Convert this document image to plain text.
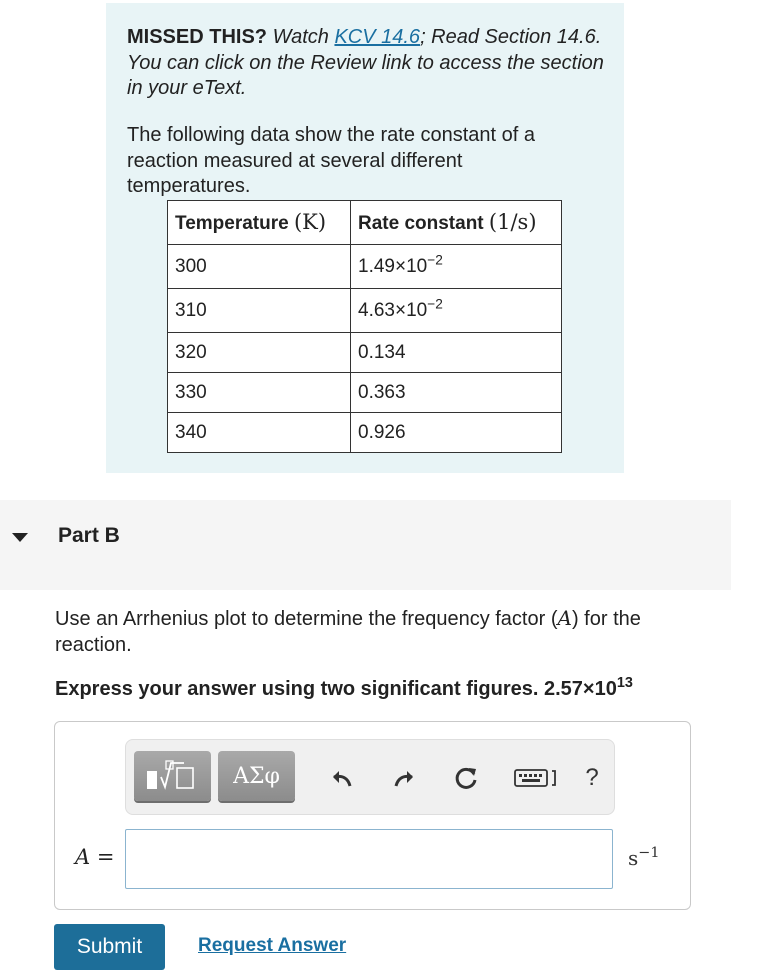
MISSED THIS? Watch KCV 14.6; Read Section 14.6. You can click on the Review link to access the section in your eText.
The following data show the rate constant of a reaction measured at several different temperatures.
Temperature (K)	Rate constant (1/s)
300	$1.49\times 10^{-2}$
310	$4.63\times 10^{-2}$
320	0.134
330	0.363
340	0.926
Part B
Use an Arrhenius plot to determine the frequency factor (A) for the reaction.
Express your answer using two significant figures. $2.57\times 10^{13}$
ΑΣφ	?
A =	$s^{-1}$
Submit	Request Answer
